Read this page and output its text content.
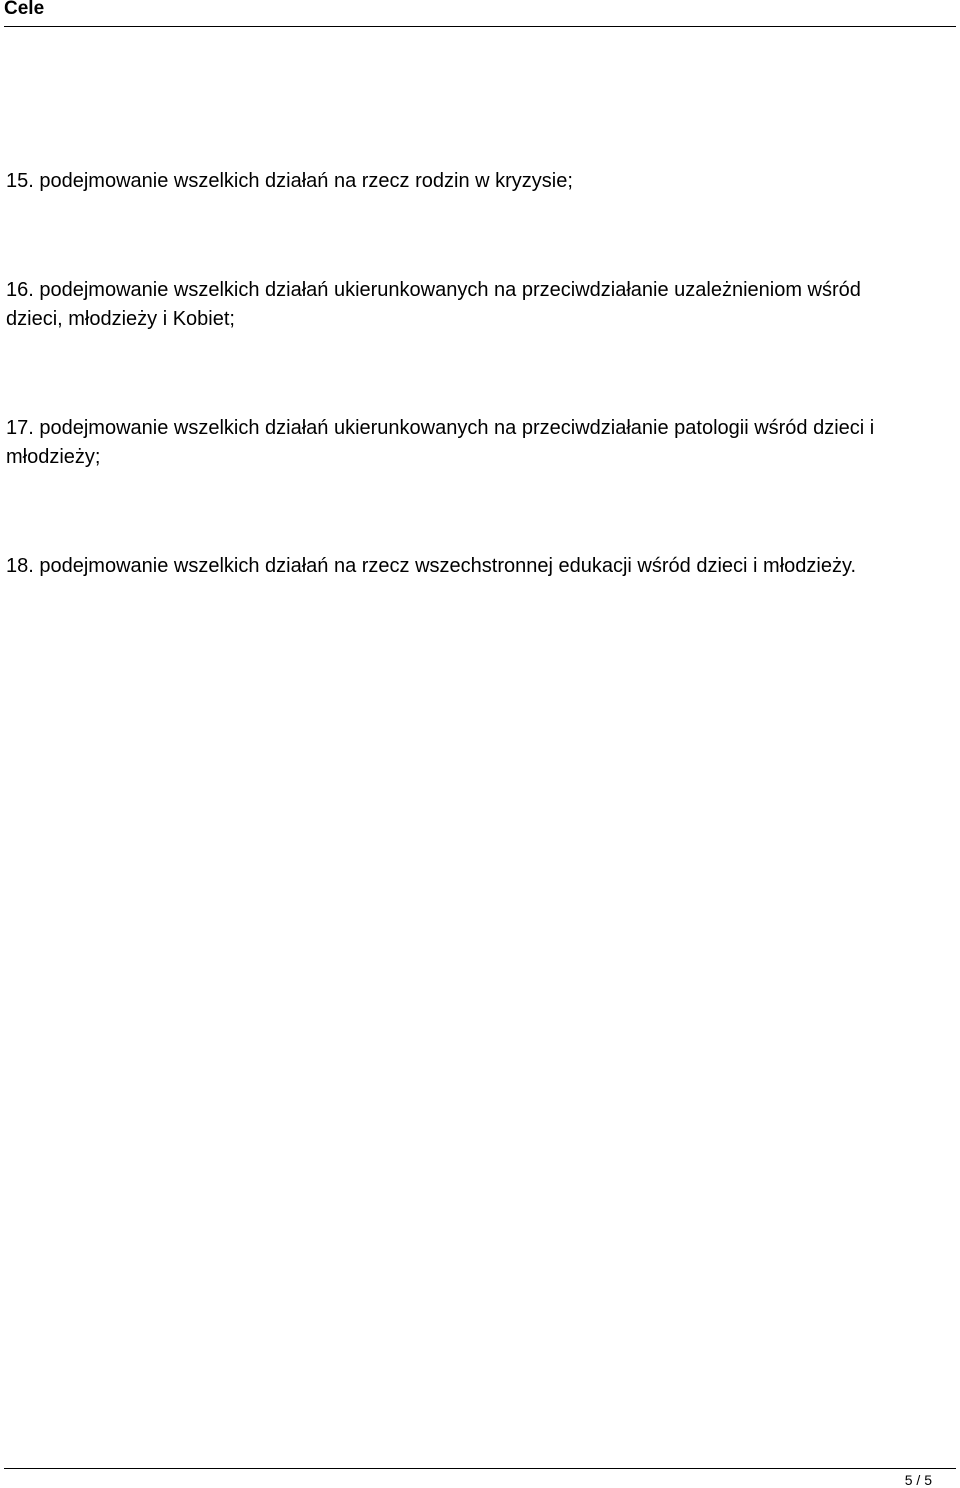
Cele

15. podejmowanie wszelkich działań na rzecz rodzin w kryzysie;

16. podejmowanie wszelkich działań ukierunkowanych na przeciwdziałanie uzależnieniom wśród dzieci, młodzieży i Kobiet;

17. podejmowanie wszelkich działań ukierunkowanych na przeciwdziałanie patologii wśród dzieci i młodzieży;

18. podejmowanie wszelkich działań na rzecz wszechstronnej edukacji wśród dzieci i młodzieży.

5 / 5
